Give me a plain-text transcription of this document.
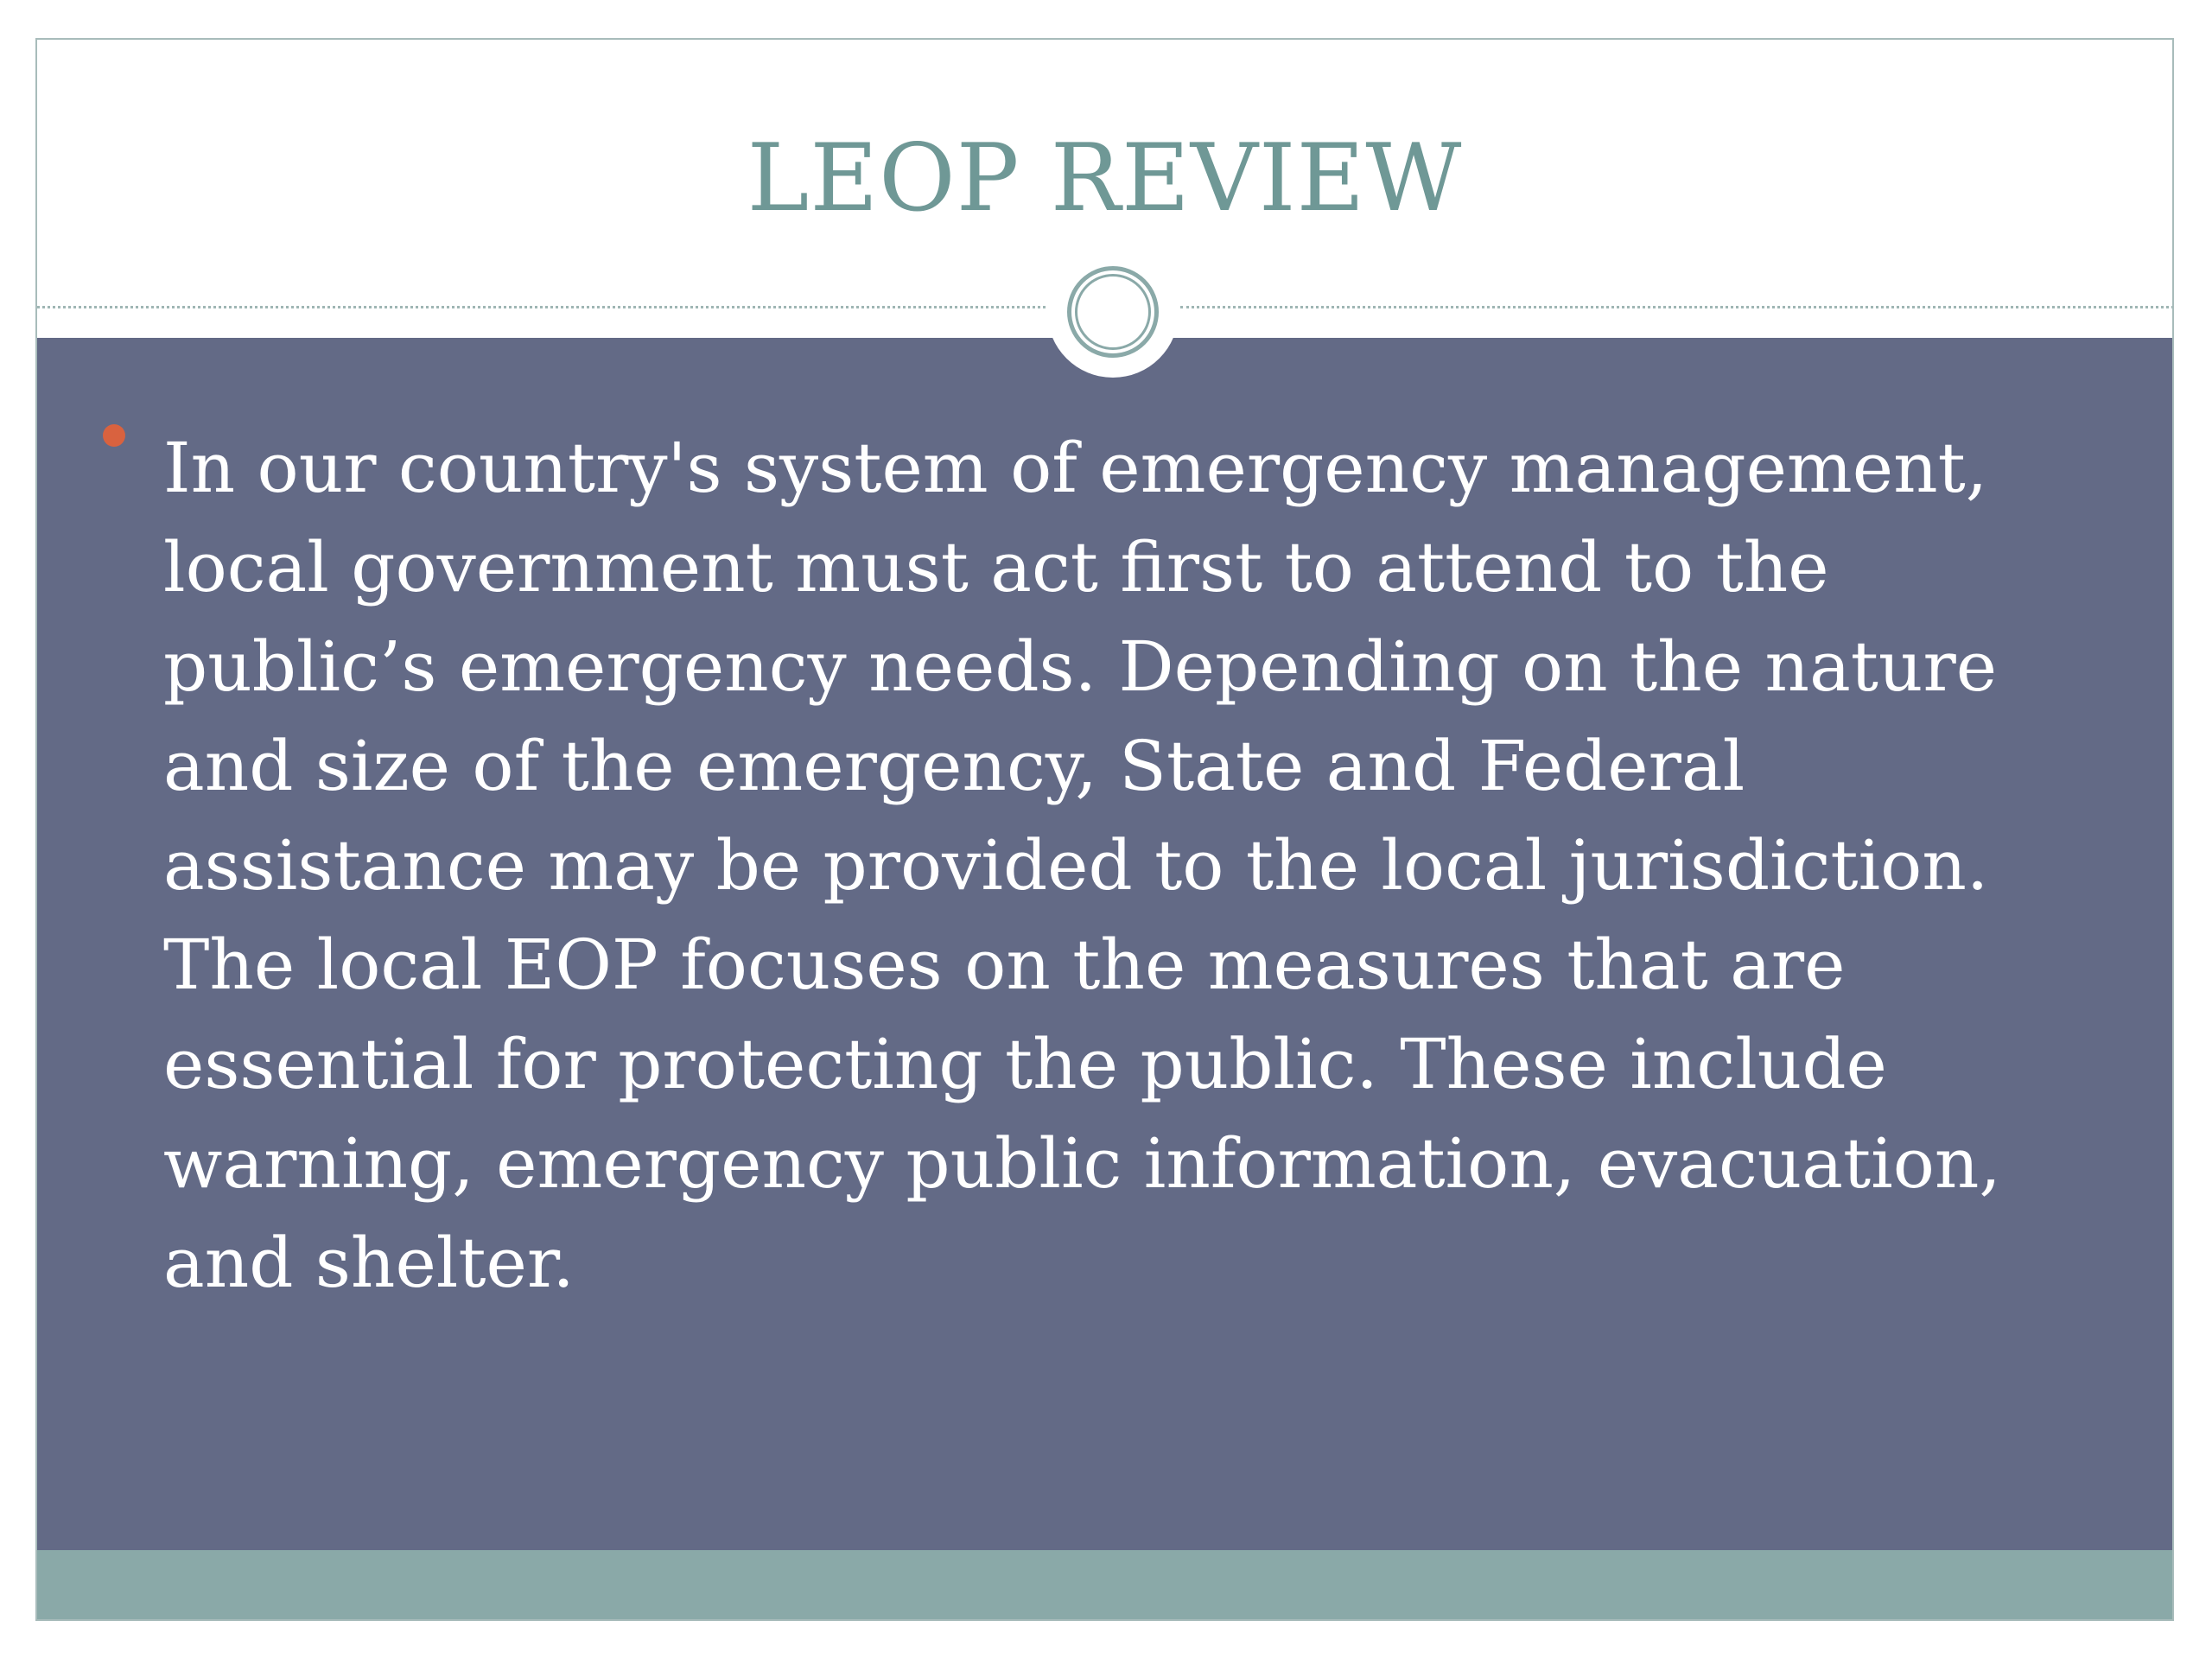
LEOP REVIEW

In our country's system of emergency management,
local government must act first to attend to the
public’s emergency needs. Depending on the nature
and size of the emergency, State and Federal
assistance may be provided to the local jurisdiction.
The local EOP focuses on the measures that are
essential for protecting the public. These include
warning, emergency public information, evacuation,
and shelter.
